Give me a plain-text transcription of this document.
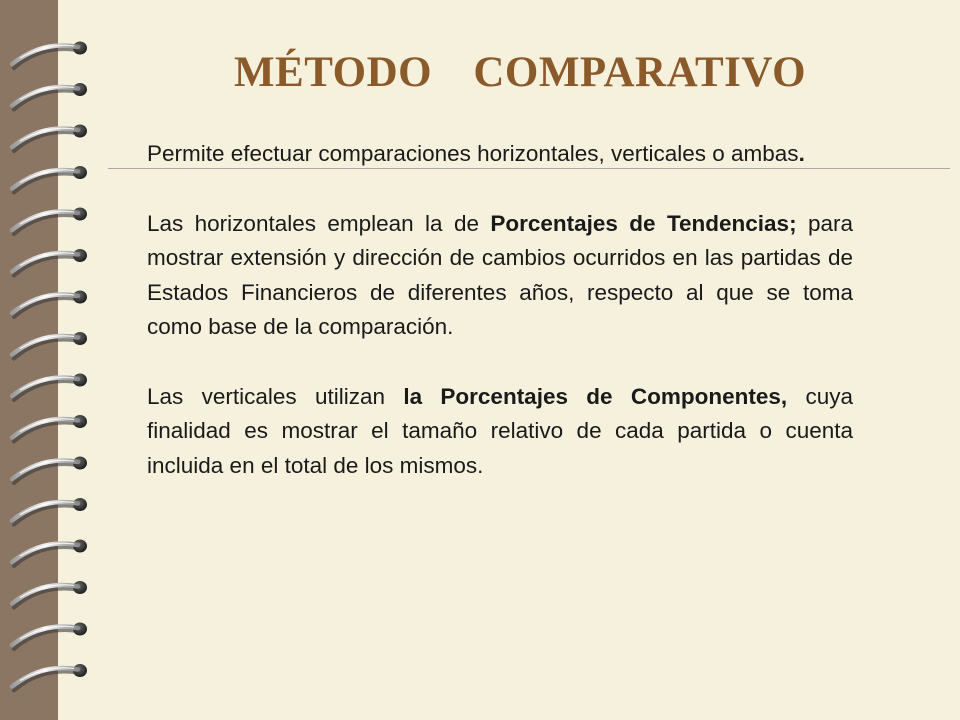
MÉTODO COMPARATIVO

Permite efectuar comparaciones horizontales, verticales o ambas.

Las horizontales emplean la de Porcentajes de Tendencias; para mostrar extensión y dirección de cambios ocurridos en las partidas de Estados Financieros de diferentes años, respecto al que se toma como base de la comparación.

Las verticales utilizan la Porcentajes de Componentes, cuya finalidad es mostrar el tamaño relativo de cada partida o cuenta incluida en el total de los mismos.
